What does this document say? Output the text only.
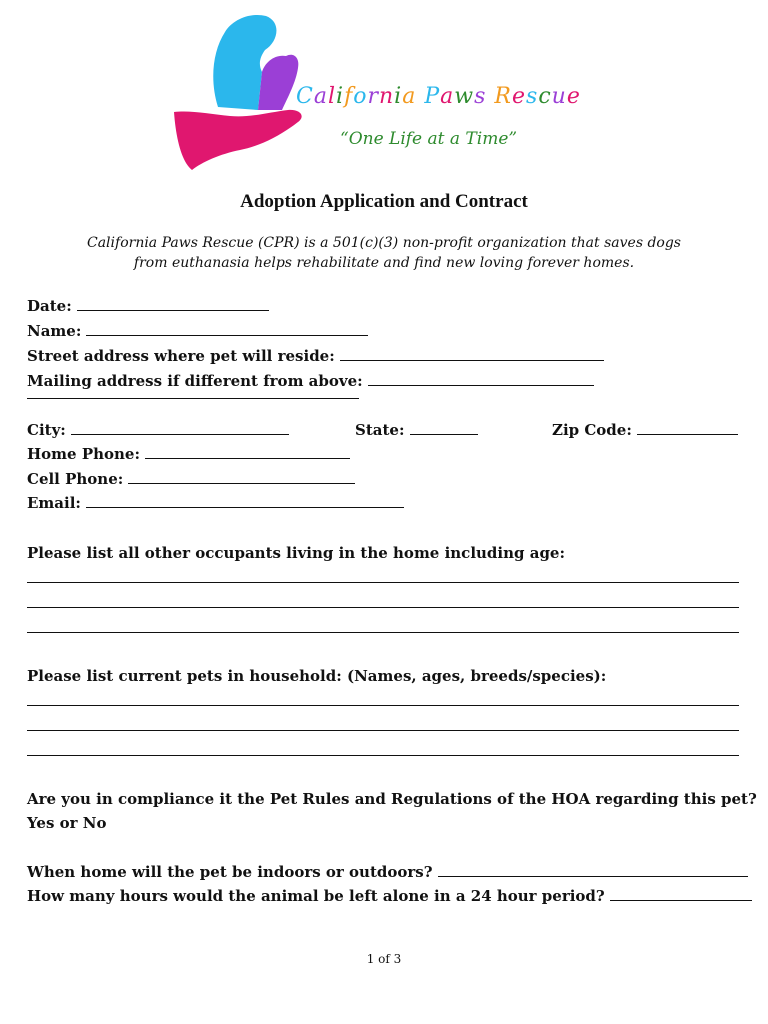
California Paws Rescue
“One Life at a Time”
Adoption Application and Contract
California Paws Rescue (CPR) is a 501(c)(3) non-profit organization that saves dogs
from euthanasia helps rehabilitate and find new loving forever homes.
Date:
Name:
Street address where pet will reside:
Mailing address if different from above:
City:	State:	Zip Code:
Home Phone:
Cell Phone:
Email:
Please list all other occupants living in the home including age:
Please list current pets in household: (Names, ages, breeds/species):
Are you in compliance it the Pet Rules and Regulations of the HOA regarding this pet?
Yes or No
When home will the pet be indoors or outdoors?
How many hours would the animal be left alone in a 24 hour period?
1 of 3
